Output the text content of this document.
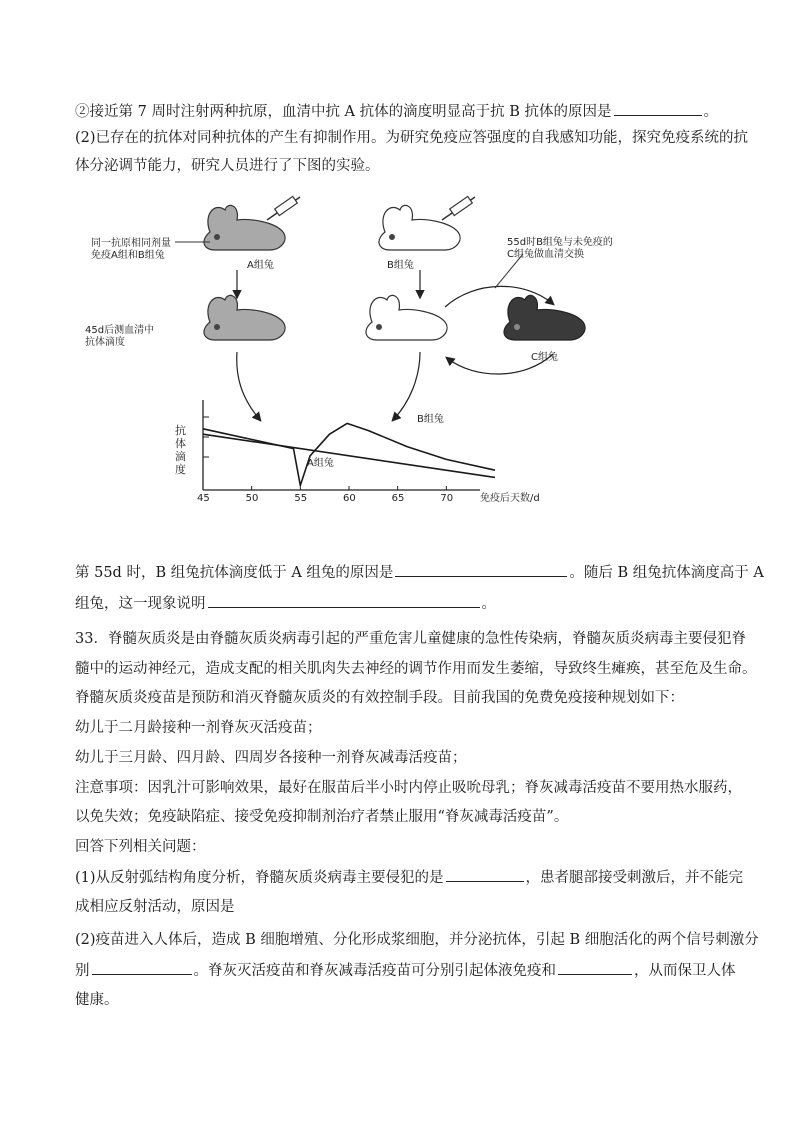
②接近第 7 周时注射两种抗原，血清中抗 A 抗体的滴度明显高于抗 B 抗体的原因是	。
(2)已存在的抗体对同种抗体的产生有抑制作用。为研究免疫应答强度的自我感知功能，探究免疫系统的抗
体分泌调节能力，研究人员进行了下图的实验。
同一抗原相同剂量免疫A组和B组兔
A组兔	B组兔
45d后测血清中抗体滴度
55d时B组兔与未免疫的C组兔做血清交换
C组兔
抗体滴度
免疫后天数/d
45	50	55	60	65	70
B组兔
A组兔
第 55d 时，B 组兔抗体滴度低于 A 组兔的原因是	。随后 B 组兔抗体滴度高于 A
组兔，这一现象说明	。
33．脊髓灰质炎是由脊髓灰质炎病毒引起的严重危害儿童健康的急性传染病，脊髓灰质炎病毒主要侵犯脊
髓中的运动神经元，造成支配的相关肌肉失去神经的调节作用而发生萎缩，导致终生瘫痪，甚至危及生命。
脊髓灰质炎疫苗是预防和消灭脊髓灰质炎的有效控制手段。目前我国的免费免疫接种规划如下：
幼儿于二月龄接种一剂脊灰灭活疫苗；
幼儿于三月龄、四月龄、四周岁各接种一剂脊灰减毒活疫苗；
注意事项：因乳汁可影响效果，最好在服苗后半小时内停止吸吮母乳；脊灰减毒活疫苗不要用热水服药，
以免失效；免疫缺陷症、接受免疫抑制剂治疗者禁止服用“脊灰减毒活疫苗”。
回答下列相关问题：
(1)从反射弧结构角度分析，脊髓灰质炎病毒主要侵犯的是	，患者腿部接受刺激后，并不能完
成相应反射活动，原因是
(2)疫苗进入人体后，造成 B 细胞增殖、分化形成浆细胞，并分泌抗体，引起 B 细胞活化的两个信号刺激分
别	。脊灰灭活疫苗和脊灰减毒活疫苗可分别引起体液免疫和	，从而保卫人体
健康。
